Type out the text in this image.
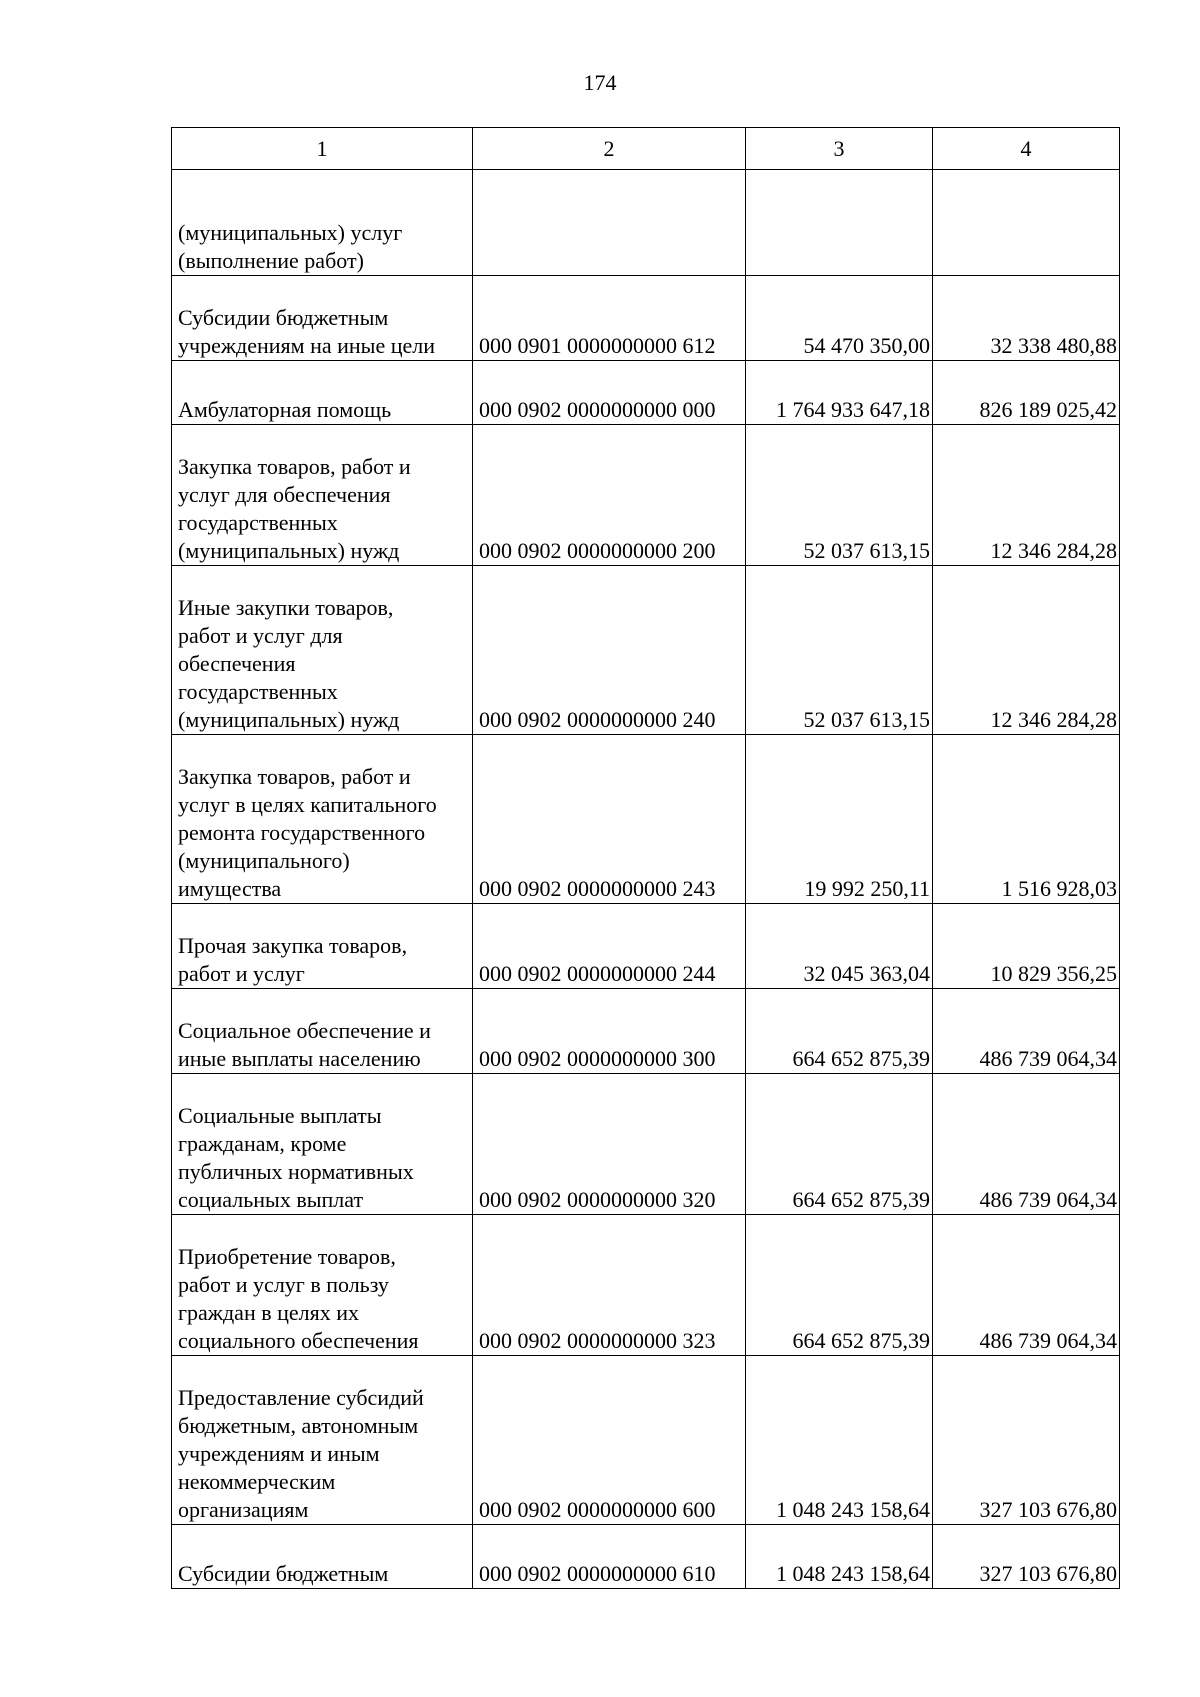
174
1	2	3	4

(муниципальных) услуг
(выполнение работ)			

Субсидии бюджетным
учреждениям на иные цели	000 0901 0000000000 612	54 470 350,00	32 338 480,88

Амбулаторная помощь	000 0902 0000000000 000	1 764 933 647,18	826 189 025,42

Закупка товаров, работ и
услуг для обеспечения
государственных
(муниципальных) нужд	000 0902 0000000000 200	52 037 613,15	12 346 284,28

Иные закупки товаров,
работ и услуг для
обеспечения
государственных
(муниципальных) нужд	000 0902 0000000000 240	52 037 613,15	12 346 284,28

Закупка товаров, работ и
услуг в целях капитального
ремонта государственного
(муниципального)
имущества	000 0902 0000000000 243	19 992 250,11	1 516 928,03

Прочая закупка товаров,
работ и услуг	000 0902 0000000000 244	32 045 363,04	10 829 356,25

Социальное обеспечение и
иные выплаты населению	000 0902 0000000000 300	664 652 875,39	486 739 064,34

Социальные выплаты
гражданам, кроме
публичных нормативных
социальных выплат	000 0902 0000000000 320	664 652 875,39	486 739 064,34

Приобретение товаров,
работ и услуг в пользу
граждан в целях их
социального обеспечения	000 0902 0000000000 323	664 652 875,39	486 739 064,34

Предоставление субсидий
бюджетным, автономным
учреждениям и иным
некоммерческим
организациям	000 0902 0000000000 600	1 048 243 158,64	327 103 676,80

Субсидии бюджетным	000 0902 0000000000 610	1 048 243 158,64	327 103 676,80
